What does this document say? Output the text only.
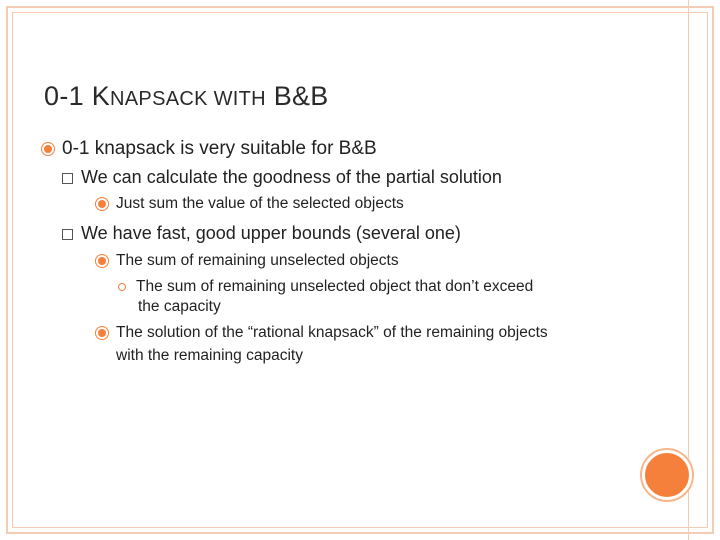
0-1 KNAPSACK WITH B&B
0-1 knapsack is very suitable for B&B
We can calculate the goodness of the partial solution
Just sum the value of the selected objects
We have fast, good upper bounds (several one)
The sum of remaining unselected objects
The sum of remaining unselected object that don’t exceed
the capacity
The solution of the “rational knapsack” of the remaining objects
with the remaining capacity
